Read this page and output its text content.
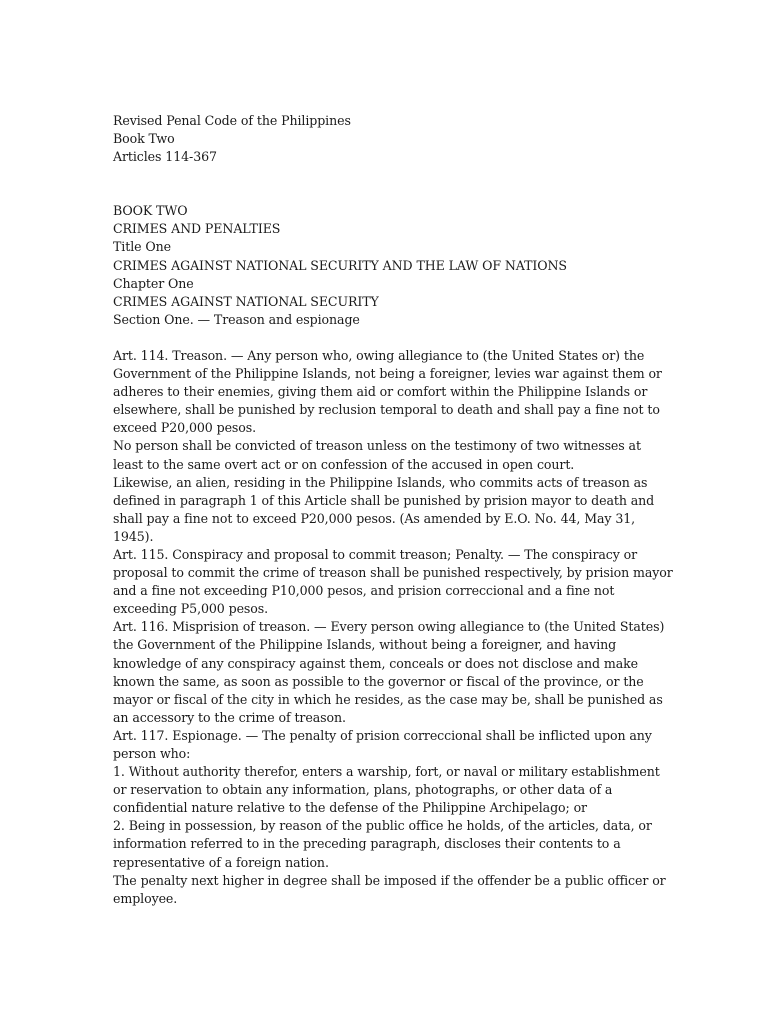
Revised Penal Code of the Philippines

Book Two

Articles 114-367

BOOK TWO

CRIMES AND PENALTIES

Title One

CRIMES AGAINST NATIONAL SECURITY AND THE LAW OF NATIONS

Chapter One

CRIMES AGAINST NATIONAL SECURITY

Section One. — Treason and espionage

Art. 114. Treason. — Any person who, owing allegiance to (the United States or) the Government of the Philippine Islands, not being a foreigner, levies war against them or adheres to their enemies, giving them aid or comfort within the Philippine Islands or elsewhere, shall be punished by reclusion temporal to death and shall pay a fine not to exceed P20,000 pesos.

No person shall be convicted of treason unless on the testimony of two witnesses at least to the same overt act or on confession of the accused in open court.

Likewise, an alien, residing in the Philippine Islands, who commits acts of treason as defined in paragraph 1 of this Article shall be punished by prision mayor to death and shall pay a fine not to exceed P20,000 pesos. (As amended by E.O. No. 44, May 31, 1945).

Art. 115. Conspiracy and proposal to commit treason; Penalty. — The conspiracy or proposal to commit the crime of treason shall be punished respectively, by prision mayor and a fine not exceeding P10,000 pesos, and prision correccional and a fine not exceeding P5,000 pesos.

Art. 116. Misprision of treason. — Every person owing allegiance to (the United States) the Government of the Philippine Islands, without being a foreigner, and having knowledge of any conspiracy against them, conceals or does not disclose and make known the same, as soon as possible to the governor or fiscal of the province, or the mayor or fiscal of the city in which he resides, as the case may be, shall be punished as an accessory to the crime of treason.

Art. 117. Espionage. — The penalty of prision correccional shall be inflicted upon any person who:

1. Without authority therefor, enters a warship, fort, or naval or military establishment or reservation to obtain any information, plans, photographs, or other data of a confidential nature relative to the defense of the Philippine Archipelago; or

2. Being in possession, by reason of the public office he holds, of the articles, data, or information referred to in the preceding paragraph, discloses their contents to a representative of a foreign nation.

The penalty next higher in degree shall be imposed if the offender be a public officer or employee.
